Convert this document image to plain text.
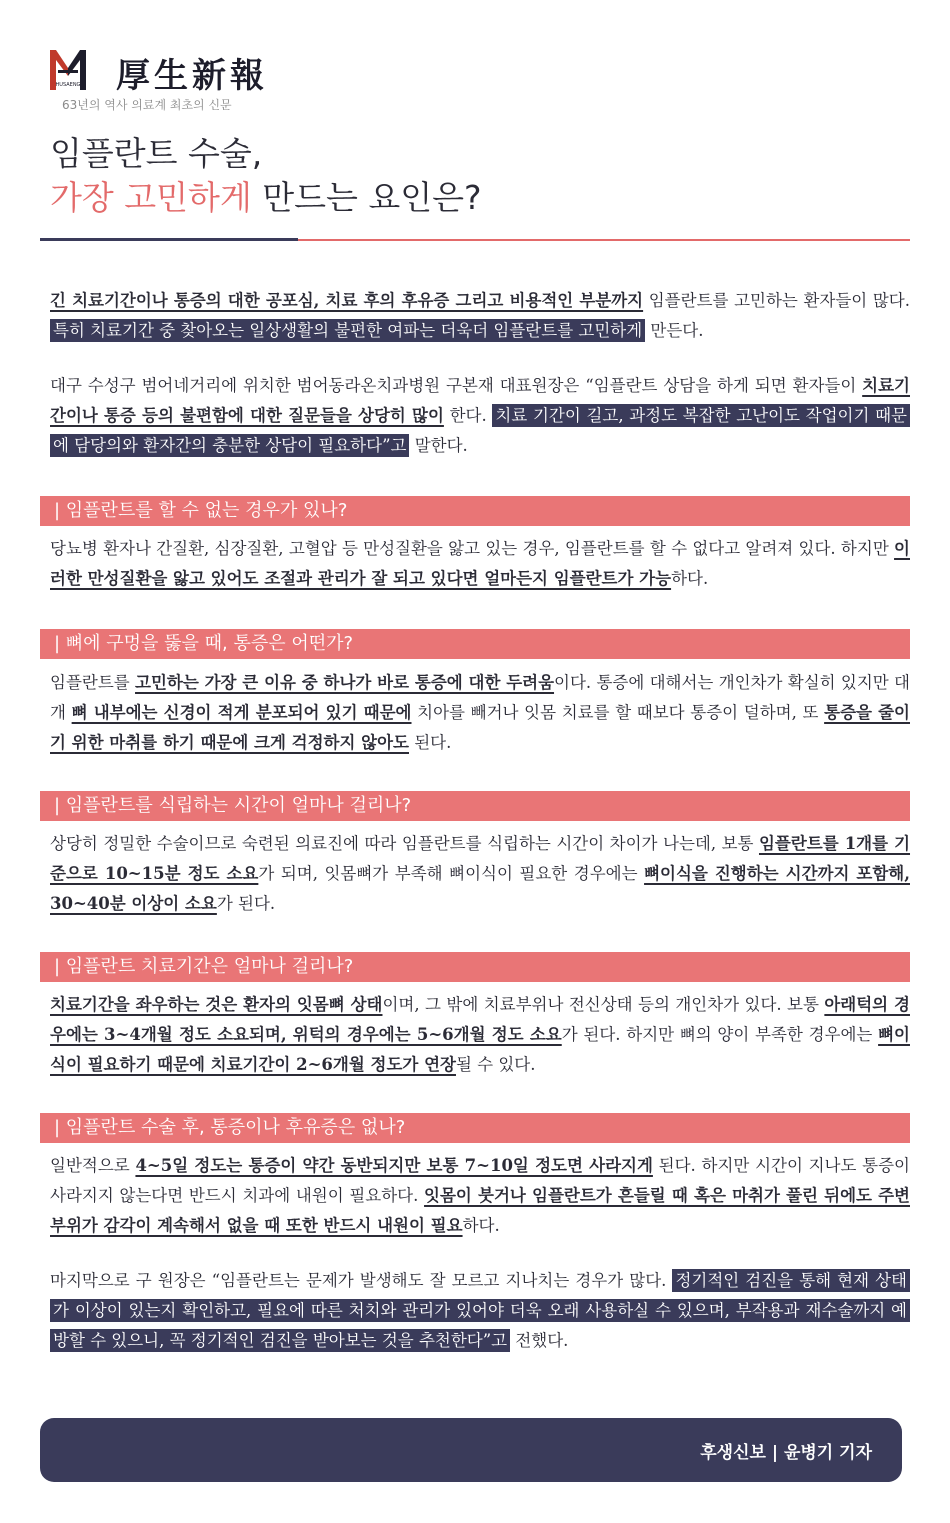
HUSAENG 厚生新報
63년의 역사 의료계 최초의 신문
임플란트 수술,
가장 고민하게 만드는 요인은?

긴 치료기간이나 통증의 대한 공포심, 치료 후의 후유증 그리고 비용적인 부분까지 임플란트를 고민하는 환자들이 많다. 특히 치료기간 중 찾아오는 일상생활의 불편한 여파는 더욱더 임플란트를 고민하게 만든다.

대구 수성구 범어네거리에 위치한 범어동라온치과병원 구본재 대표원장은 “임플란트 상담을 하게 되면 환자들이 치료기간이나 통증 등의 불편함에 대한 질문들을 상당히 많이 한다. 치료 기간이 길고, 과정도 복잡한 고난이도 작업이기 때문에 담당의와 환자간의 충분한 상담이 필요하다”고 말한다.

| 임플란트를 할 수 없는 경우가 있나?

당뇨병 환자나 간질환, 심장질환, 고혈압 등 만성질환을 앓고 있는 경우, 임플란트를 할 수 없다고 알려져 있다. 하지만 이러한 만성질환을 앓고 있어도 조절과 관리가 잘 되고 있다면 얼마든지 임플란트가 가능하다.

| 뼈에 구멍을 뚫을 때, 통증은 어떤가?

임플란트를 고민하는 가장 큰 이유 중 하나가 바로 통증에 대한 두려움이다. 통증에 대해서는 개인차가 확실히 있지만 대개 뼈 내부에는 신경이 적게 분포되어 있기 때문에 치아를 빼거나 잇몸 치료를 할 때보다 통증이 덜하며, 또 통증을 줄이기 위한 마취를 하기 때문에 크게 걱정하지 않아도 된다.

| 임플란트를 식립하는 시간이 얼마나 걸리나?

상당히 정밀한 수술이므로 숙련된 의료진에 따라 임플란트를 식립하는 시간이 차이가 나는데, 보통 임플란트를 1개를 기준으로 10~15분 정도 소요가 되며, 잇몸뼈가 부족해 뼈이식이 필요한 경우에는 뼈이식을 진행하는 시간까지 포함해, 30~40분 이상이 소요가 된다.

| 임플란트 치료기간은 얼마나 걸리나?

치료기간을 좌우하는 것은 환자의 잇몸뼈 상태이며, 그 밖에 치료부위나 전신상태 등의 개인차가 있다. 보통 아래턱의 경우에는 3~4개월 정도 소요되며, 위턱의 경우에는 5~6개월 정도 소요가 된다. 하지만 뼈의 양이 부족한 경우에는 뼈이식이 필요하기 때문에 치료기간이 2~6개월 정도가 연장될 수 있다.

| 임플란트 수술 후, 통증이나 후유증은 없나?

일반적으로 4~5일 정도는 통증이 약간 동반되지만 보통 7~10일 정도면 사라지게 된다. 하지만 시간이 지나도 통증이 사라지지 않는다면 반드시 치과에 내원이 필요하다. 잇몸이 붓거나 임플란트가 흔들릴 때 혹은 마취가 풀린 뒤에도 주변 부위가 감각이 계속해서 없을 때 또한 반드시 내원이 필요하다.

마지막으로 구 원장은 “임플란트는 문제가 발생해도 잘 모르고 지나치는 경우가 많다. 정기적인 검진을 통해 현재 상태가 이상이 있는지 확인하고, 필요에 따른 처치와 관리가 있어야 더욱 오래 사용하실 수 있으며, 부작용과 재수술까지 예방할 수 있으니, 꼭 정기적인 검진을 받아보는 것을 추천한다”고 전했다.

후생신보 | 윤병기 기자
